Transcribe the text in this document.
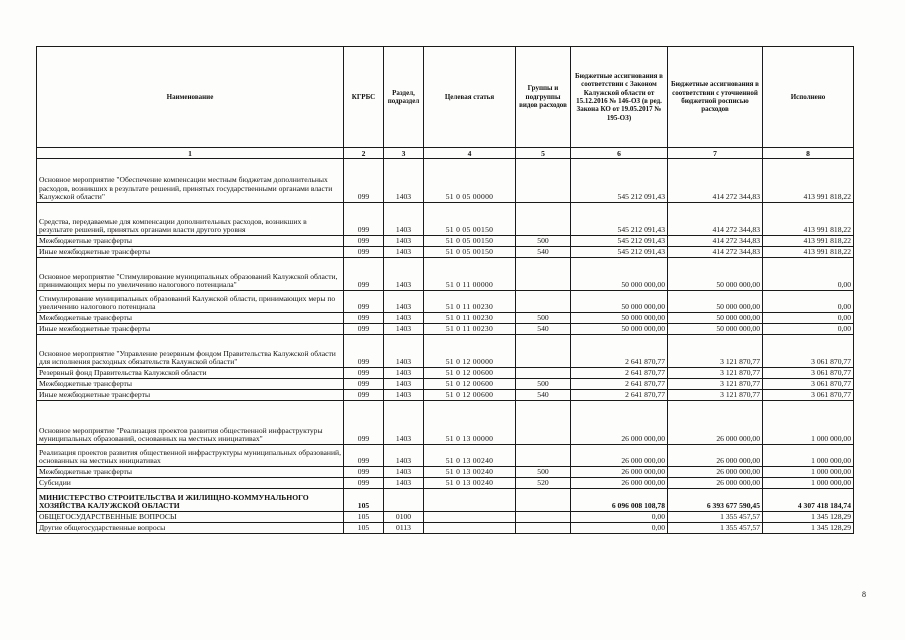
Наименование	КГРБС	Раздел, подраздел	Целевая статья	Группы и подгруппы видов расходов	Бюджетные ассигнования в соответствии с Законом Калужской области от 15.12.2016 № 146-ОЗ (в ред. Закона КО от 19.05.2017 № 195-ОЗ)	Бюджетные ассигнования в соответствии с уточненной бюджетной росписью расходов	Исполнено
1	2	3	4	5	6	7	8
Основное мероприятие "Обеспечение компенсации местным бюджетам дополнительных расходов, возникших в результате решений, принятых государственными органами власти Калужской области"	099	1403	51 0 05 00000		545 212 091,43	414 272 344,83	413 991 818,22
Средства, передаваемые для компенсации дополнительных расходов, возникших в результате решений, принятых органами власти другого уровня	099	1403	51 0 05 00150		545 212 091,43	414 272 344,83	413 991 818,22
Межбюджетные трансферты	099	1403	51 0 05 00150	500	545 212 091,43	414 272 344,83	413 991 818,22
Иные межбюджетные трансферты	099	1403	51 0 05 00150	540	545 212 091,43	414 272 344,83	413 991 818,22
Основное мероприятие "Стимулирование муниципальных образований Калужской области, принимающих меры по увеличению налогового потенциала"	099	1403	51 0 11 00000		50 000 000,00	50 000 000,00	0,00
Стимулирование муниципальных образований Калужской области, принимающих меры по увеличению налогового потенциала	099	1403	51 0 11 00230		50 000 000,00	50 000 000,00	0,00
Межбюджетные трансферты	099	1403	51 0 11 00230	500	50 000 000,00	50 000 000,00	0,00
Иные межбюджетные трансферты	099	1403	51 0 11 00230	540	50 000 000,00	50 000 000,00	0,00
Основное мероприятие "Управление резервным фондом Правительства Калужской области для исполнения расходных обязательств Калужской области"	099	1403	51 0 12 00000		2 641 870,77	3 121 870,77	3 061 870,77
Резервный фонд Правительства Калужской области	099	1403	51 0 12 00600		2 641 870,77	3 121 870,77	3 061 870,77
Межбюджетные трансферты	099	1403	51 0 12 00600	500	2 641 870,77	3 121 870,77	3 061 870,77
Иные межбюджетные трансферты	099	1403	51 0 12 00600	540	2 641 870,77	3 121 870,77	3 061 870,77
Основное мероприятие "Реализация проектов развития общественной инфраструктуры муниципальных образований, основанных на местных инициативах"	099	1403	51 0 13 00000		26 000 000,00	26 000 000,00	1 000 000,00
Реализация проектов развития общественной инфраструктуры муниципальных образований, основанных на местных инициативах	099	1403	51 0 13 00240		26 000 000,00	26 000 000,00	1 000 000,00
Межбюджетные трансферты	099	1403	51 0 13 00240	500	26 000 000,00	26 000 000,00	1 000 000,00
Субсидии	099	1403	51 0 13 00240	520	26 000 000,00	26 000 000,00	1 000 000,00
МИНИСТЕРСТВО СТРОИТЕЛЬСТВА И ЖИЛИЩНО-КОММУНАЛЬНОГО ХОЗЯЙСТВА КАЛУЖСКОЙ ОБЛАСТИ	105				6 096 008 108,78	6 393 677 590,45	4 307 418 184,74
ОБЩЕГОСУДАРСТВЕННЫЕ ВОПРОСЫ	105	0100			0,00	1 355 457,57	1 345 128,29
Другие общегосударственные вопросы	105	0113			0,00	1 355 457,57	1 345 128,29
8
